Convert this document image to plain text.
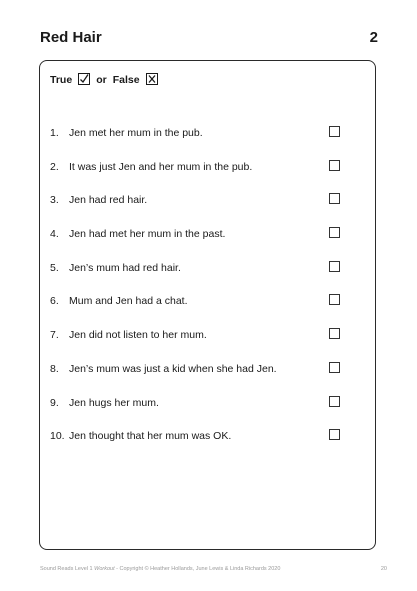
Red Hair	2
True or False
1. Jen met her mum in the pub.
2. It was just Jen and her mum in the pub.
3. Jen had red hair.
4. Jen had met her mum in the past.
5. Jen’s mum had red hair.
6. Mum and Jen had a chat.
7. Jen did not listen to her mum.
8. Jen’s mum was just a kid when she had Jen.
9. Jen hugs her mum.
10. Jen thought that her mum was OK.
Sound Reads Level 1 Workout - Copyright © Heather Hollands, June Lewis & Linda Richards 2020	20
